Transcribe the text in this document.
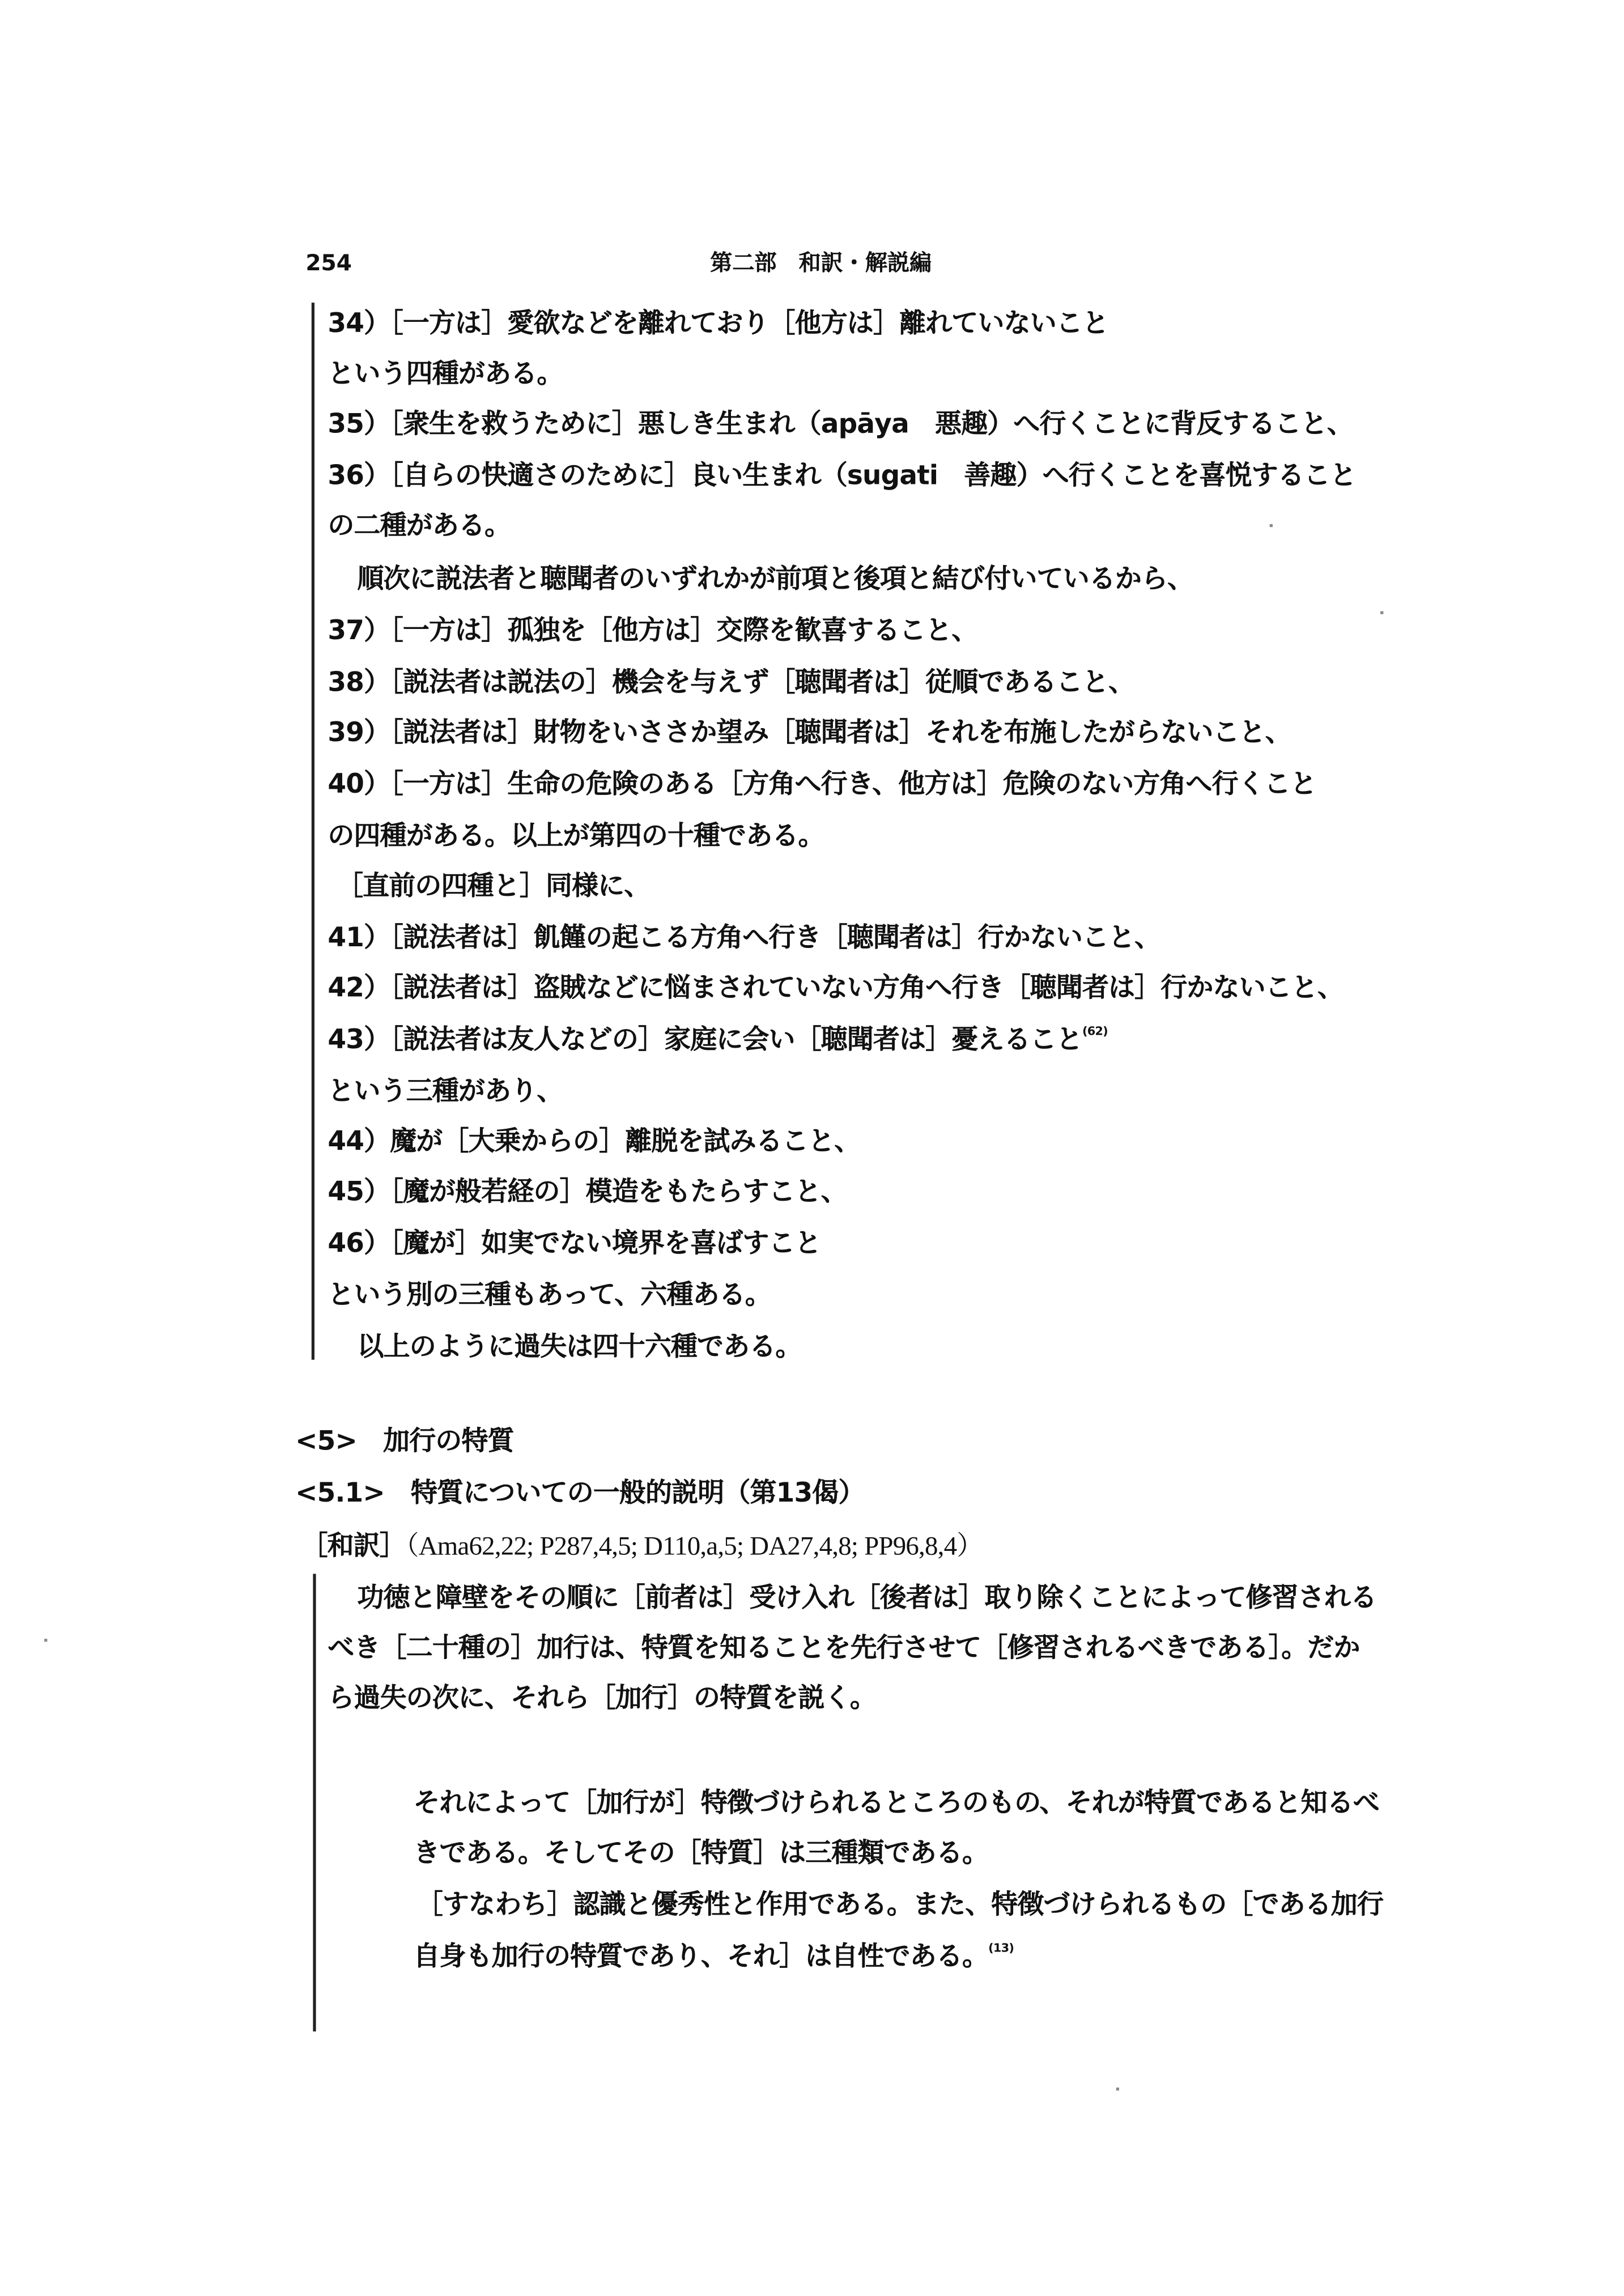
254	第二部　和訳・解説編
34）［一方は］愛欲などを離れており［他方は］離れていないこと
という四種がある。
35）［衆生を救うために］悪しき生まれ（apāya　悪趣）へ行くことに背反すること、
36）［自らの快適さのために］良い生まれ（sugati　善趣）へ行くことを喜悦すること
の二種がある。
順次に説法者と聴聞者のいずれかが前項と後項と結び付いているから、
37）［一方は］孤独を［他方は］交際を歓喜すること、
38）［説法者は説法の］機会を与えず［聴聞者は］従順であること、
39）［説法者は］財物をいささか望み［聴聞者は］それを布施したがらないこと、
40）［一方は］生命の危険のある［方角へ行き、他方は］危険のない方角へ行くこと
の四種がある。以上が第四の十種である。
［直前の四種と］同様に、
41）［説法者は］飢饉の起こる方角へ行き［聴聞者は］行かないこと、
42）［説法者は］盗賊などに悩まされていない方角へ行き［聴聞者は］行かないこと、
43）［説法者は友人などの］家庭に会い［聴聞者は］憂えること$^{(62)}$
という三種があり、
44）魔が［大乗からの］離脱を試みること、
45）［魔が般若経の］模造をもたらすこと、
46）［魔が］如実でない境界を喜ばすこと
という別の三種もあって、六種ある。
以上のように過失は四十六種である。
<5>　加行の特質
<5.1>　特質についての一般的説明（第13偈）
［和訳］（Ama62,22; P287,4,5; D110,a,5; DA27,4,8; PP96,8,4）
功徳と障壁をその順に［前者は］受け入れ［後者は］取り除くことによって修習される
べき［二十種の］加行は、特質を知ることを先行させて［修習されるべきである］。だか
ら過失の次に、それら［加行］の特質を説く。
それによって［加行が］特徴づけられるところのもの、それが特質であると知るべ
きである。そしてその［特質］は三種類である。
［すなわち］認識と優秀性と作用である。また、特徴づけられるもの［である加行
自身も加行の特質であり、それ］は自性である。$^{(13)}$
